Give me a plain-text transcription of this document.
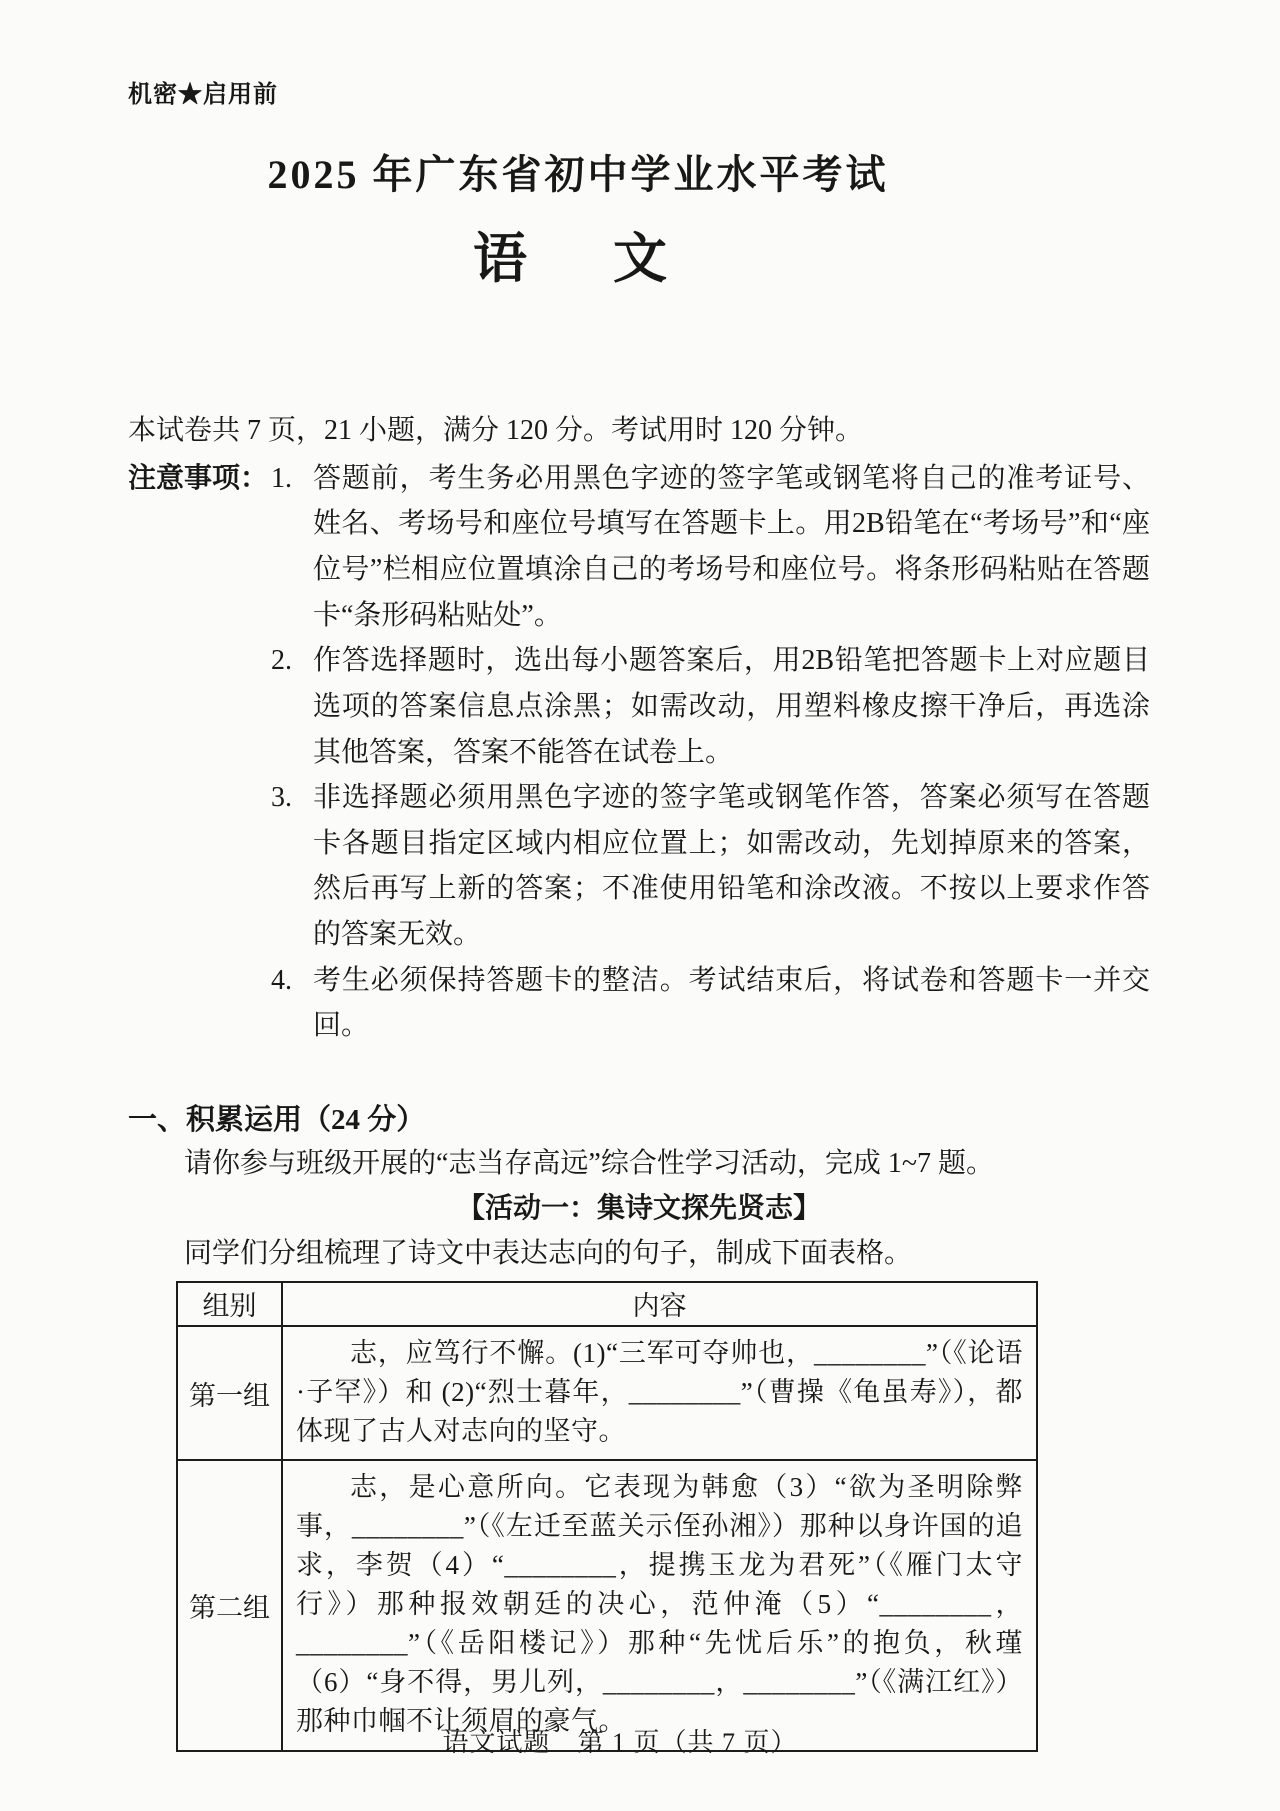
机密★启用前
2025 年广东省初中学业水平考试
语　文

本试卷共 7 页，21 小题，满分 120 分。考试用时 120 分钟。

注意事项： 1. 答题前，考生务必用黑色字迹的签字笔或钢笔将自己的准考证号、姓名、考场号和座位号填写在答题卡上。用2B铅笔在“考场号”和“座位号”栏相应位置填涂自己的考场号和座位号。将条形码粘贴在答题卡“条形码粘贴处”。

2. 作答选择题时，选出每小题答案后，用2B铅笔把答题卡上对应题目选项的答案信息点涂黑；如需改动，用塑料橡皮擦干净后，再选涂其他答案，答案不能答在试卷上。

3. 非选择题必须用黑色字迹的签字笔或钢笔作答，答案必须写在答题卡各题目指定区域内相应位置上；如需改动，先划掉原来的答案，然后再写上新的答案；不准使用铅笔和涂改液。不按以上要求作答的答案无效。

4. 考生必须保持答题卡的整洁。考试结束后，将试卷和答题卡一并交回。

一、积累运用（24 分）

请你参与班级开展的“志当存高远”综合性学习活动，完成 1~7 题。

【活动一：集诗文探先贤志】

同学们分组梳理了诗文中表达志向的句子，制成下面表格。

组别	内容
第一组	志，应笃行不懈。(1)“三军可夺帅也，________”（《论语·子罕》）和 (2)“烈士暮年，________”（曹操《龟虽寿》），都体现了古人对志向的坚守。
第二组	志，是心意所向。它表现为韩愈（3）“欲为圣明除弊事，________”（《左迁至蓝关示侄孙湘》）那种以身许国的追求，李贺（4）“________，提携玉龙为君死”（《雁门太守行》）那种报效朝廷的决心，范仲淹（5）“________，________”（《岳阳楼记》）那种“先忧后乐”的抱负，秋瑾（6）“身不得，男儿列，________，________”（《满江红》）那种巾帼不让须眉的豪气。
语文试题　第 1 页（共 7 页）
